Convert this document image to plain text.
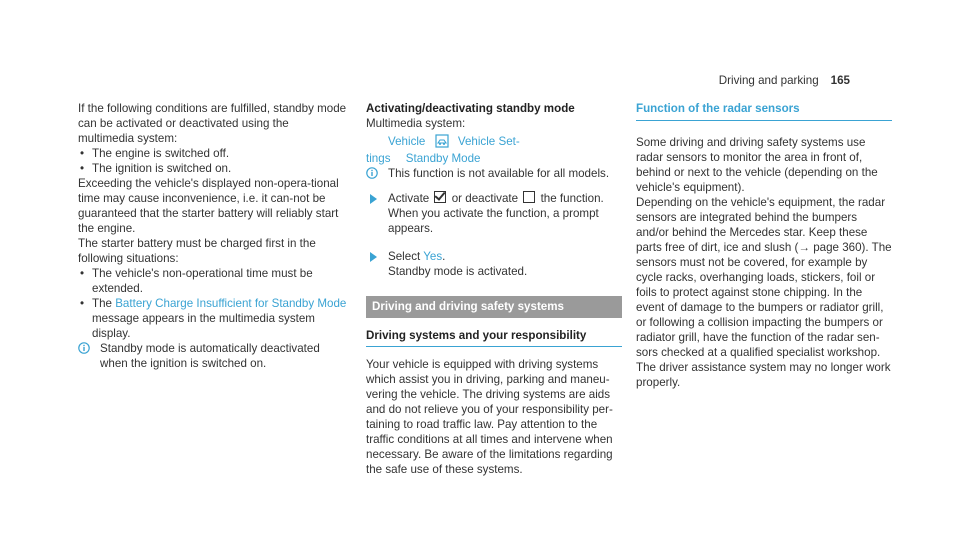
Driving and parking 165

If the following conditions are fulfilled, standby mode can be activated or deactivated using the multimedia system:

• The engine is switched off.
• The ignition is switched on.

Exceeding the vehicle's displayed non-opera-tional time may cause inconvenience, i.e. it can-not be guaranteed that the starter battery will reliably start the engine.

The starter battery must be charged first in the following situations:

• The vehicle's non-operational time must be extended.
• The Battery Charge Insufficient for Standby Mode message appears in the multimedia system display.
Standby mode is automatically deactivated when the ignition is switched on.

Activating/deactivating standby mode

Multimedia system:

Vehicle	Vehicle Set-

tings Standby Mode

This function is not available for all models.
Activate or deactivate the function.
When you activate the function, a prompt appears.
Select Yes.
Standby mode is activated.
Driving and driving safety systems

Driving systems and your responsibility

Your vehicle is equipped with driving systems which assist you in driving, parking and maneu-vering the vehicle. The driving systems are aids and do not relieve you of your responsibility per-taining to road traffic law. Pay attention to the traffic conditions at all times and intervene when necessary. Be aware of the limitations regarding the safe use of these systems.

Function of the radar sensors

Some driving and driving safety systems use radar sensors to monitor the area in front of, behind or next to the vehicle (depending on the vehicle's equipment).

Depending on the vehicle's equipment, the radar sensors are integrated behind the bumpers and/or behind the Mercedes star. Keep these parts free of dirt, ice and slush (→ page 360). The sensors must not be covered, for example by cycle racks, overhanging loads, stickers, foil or foils to protect against stone chipping. In the event of damage to the bumpers or radiator grill, or following a collision impacting the bumpers or radiator grill, have the function of the radar sen-sors checked at a qualified specialist workshop. The driver assistance system may no longer work properly.
